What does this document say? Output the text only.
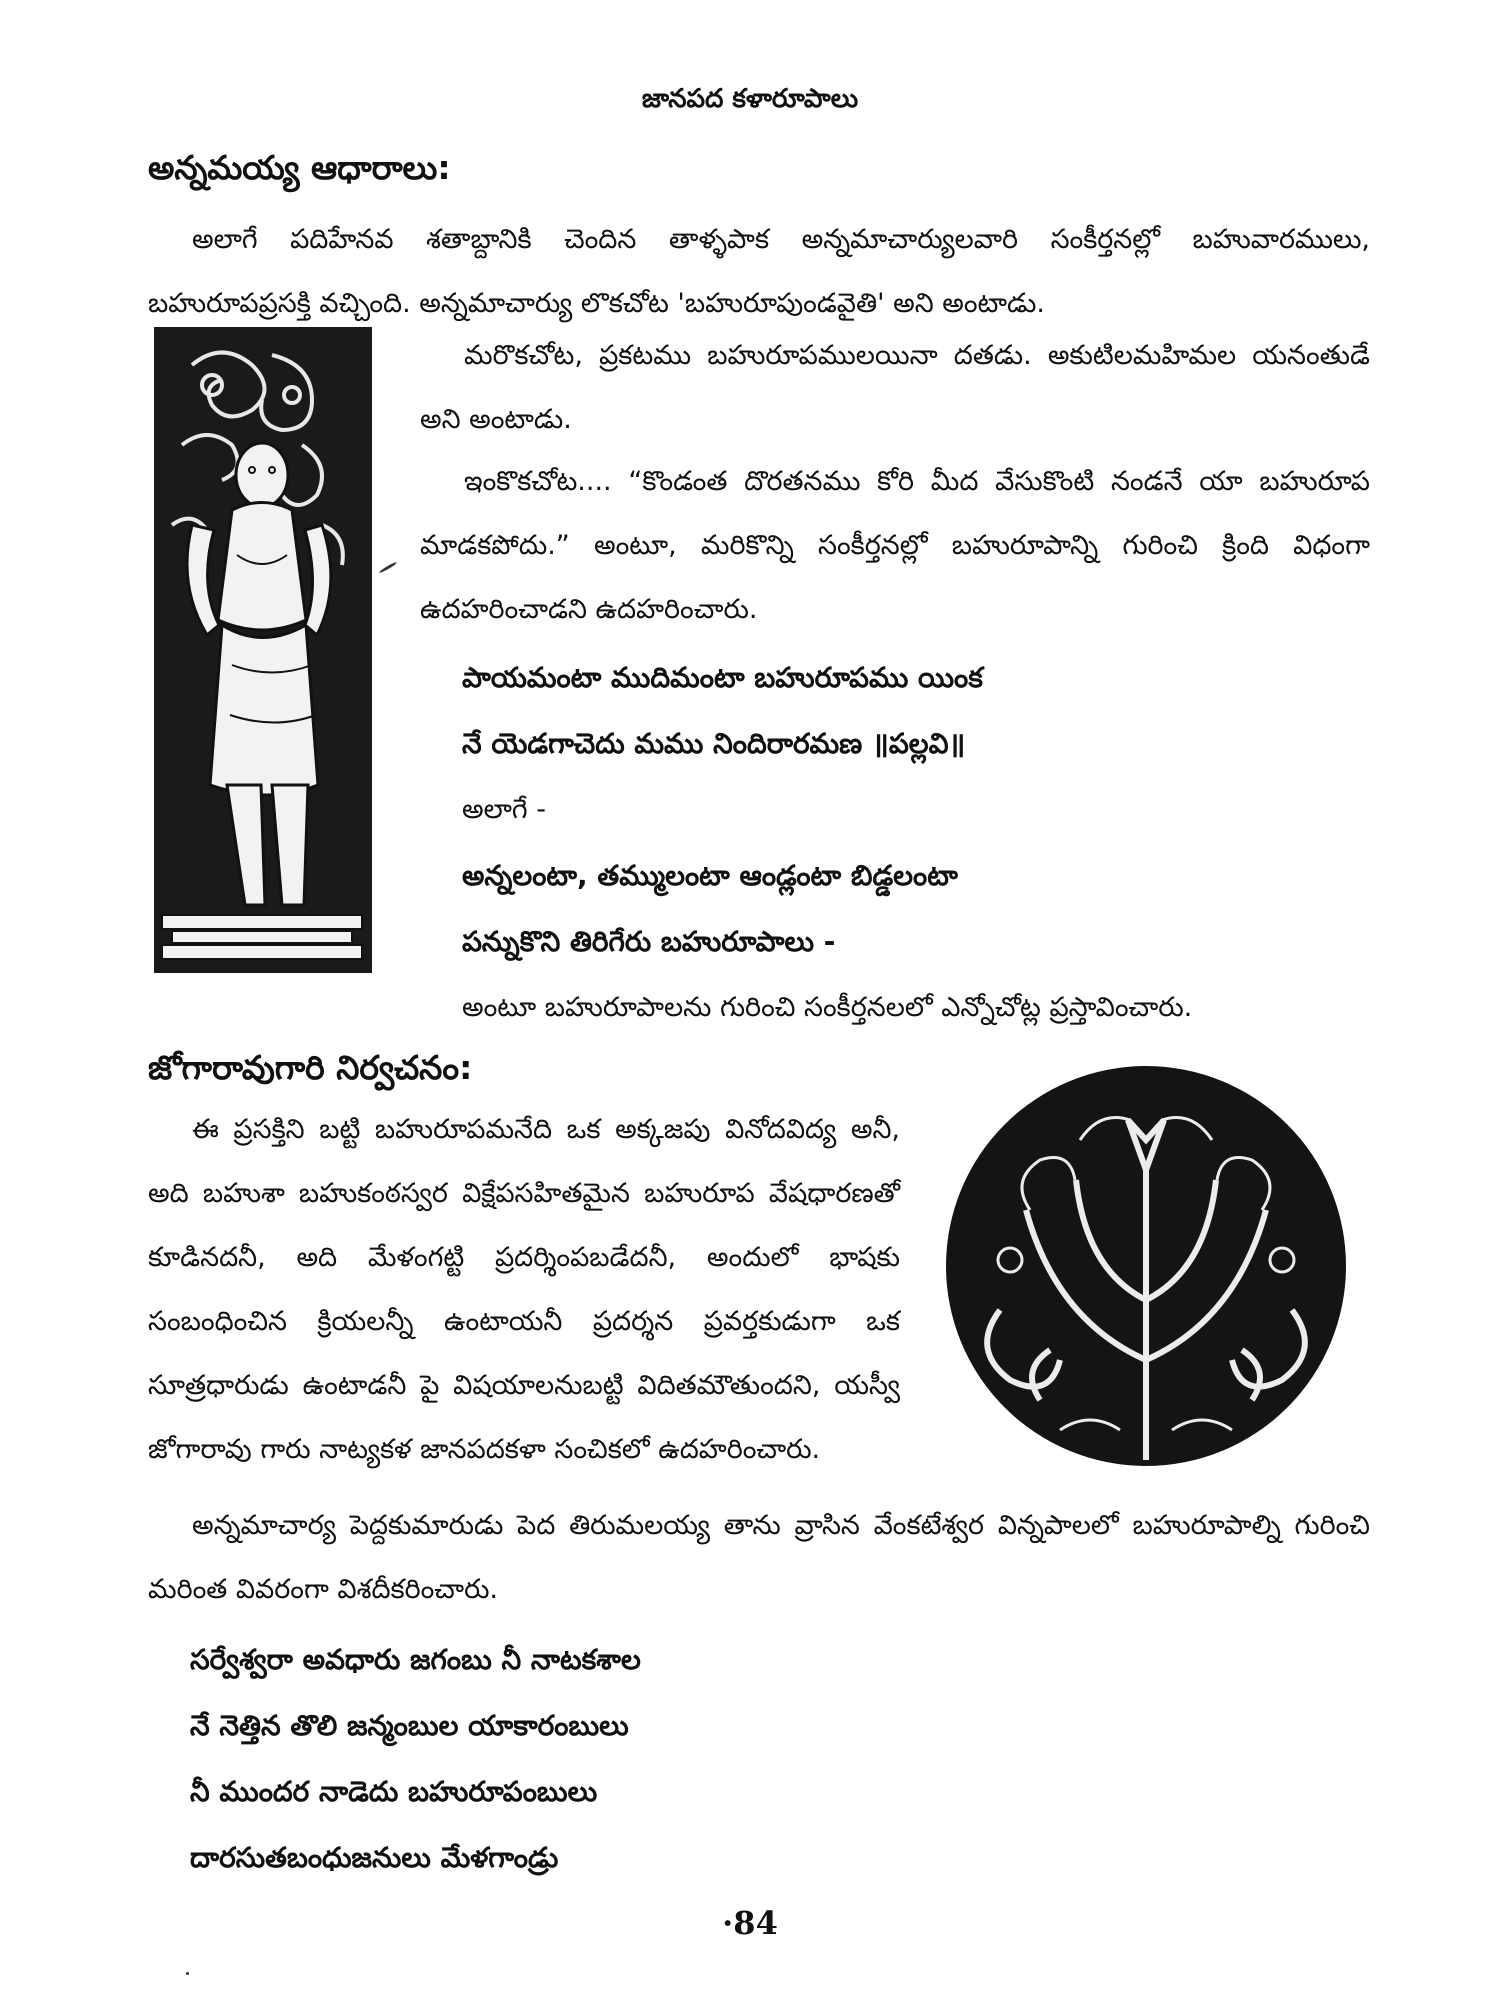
జానపద కళారూపాలు
అన్నమయ్య ఆధారాలు:
అలాగే పదిహేనవ శతాబ్దానికి చెందిన తాళ్ళపాక అన్నమాచార్యులవారి సంకీర్తనల్లో బహువారములు, బహురూపప్రసక్తి వచ్చింది. అన్నమాచార్యు లొకచోట 'బహురూపుండవైతి' అని అంటాడు.
మరొకచోట, ప్రకటము బహురూపములయినా దతడు. అకుటిలమహిమల యనంతుడే అని అంటాడు.
ఇంకొకచోట.... “కొండంత దొరతనము కోరి మీద వేసుకొంటి నండనే యా బహురూప మాడకపోదు.” అంటూ, మరికొన్ని సంకీర్తనల్లో బహురూపాన్ని గురించి క్రింది విధంగా ఉదహరించాడని ఉదహరించారు.
పాయమంటా ముదిమంటా బహురూపము యింక
నే యెడగాచెదు మము నిందిరారమణ ॥పల్లవి॥
అలాగే -
అన్నలంటా, తమ్ములంటా ఆండ్లంటా బిడ్డలంటా
పన్నుకొని తిరిగేరు బహురూపాలు -
అంటూ బహురూపాలను గురించి సంకీర్తనలలో ఎన్నోచోట్ల ప్రస్తావించారు.
జోగారావుగారి నిర్వచనం:
ఈ ప్రసక్తిని బట్టి బహురూపమనేది ఒక అక్కజపు వినోదవిద్య అనీ, అది బహుశా బహుకంఠస్వర విక్షేపసహితమైన బహురూప వేషధారణతో కూడినదనీ, అది మేళంగట్టి ప్రదర్శింపబడేదనీ, అందులో భాషకు సంబంధించిన క్రియలన్నీ ఉంటాయనీ ప్రదర్శన ప్రవర్తకుడుగా ఒక సూత్రధారుడు ఉంటాడనీ పై విషయాలనుబట్టి విదితమౌతుందని, యస్వీ జోగారావు గారు నాట్యకళ జానపదకళా సంచికలో ఉదహరించారు.
అన్నమాచార్య పెద్దకుమారుడు పెద తిరుమలయ్య తాను వ్రాసిన వేంకటేశ్వర విన్నపాలలో బహురూపాల్ని గురించి మరింత వివరంగా విశదీకరించారు.
సర్వేశ్వరా అవధారు జగంబు నీ నాటకశాల
నే నెత్తిన తొలి జన్మంబుల యాకారంబులు
నీ ముందర నాడెదు బహురూపంబులు
దారసుతబంధుజనులు మేళగాండ్రు
·84
